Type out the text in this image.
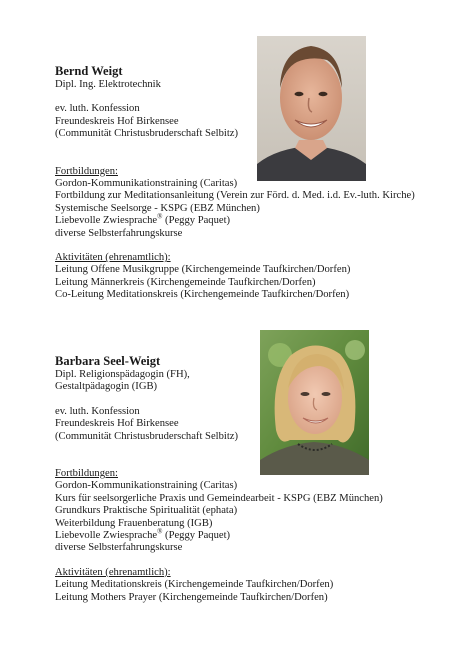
Bernd Weigt
Dipl. Ing. Elektrotechnik
ev. luth. Konfession
Freundeskreis Hof Birkensee
(Communität Christusbruderschaft Selbitz)
Fortbildungen:
Gordon-Kommunikationstraining (Caritas)
Fortbildung zur Meditationsanleitung (Verein zur Förd. d. Med. i.d. Ev.-luth. Kirche)
Systemische Seelsorge - KSPG (EBZ München)
Liebevolle Zwiesprache® (Peggy Paquet)
diverse Selbsterfahrungskurse
Aktivitäten (ehrenamtlich):
Leitung Offene Musikgruppe (Kirchengemeinde Taufkirchen/Dorfen)
Leitung Männerkreis (Kirchengemeinde Taufkirchen/Dorfen)
Co-Leitung Meditationskreis (Kirchengemeinde Taufkirchen/Dorfen)
Barbara Seel-Weigt
Dipl. Religionspädagogin (FH),
Gestaltpädagogin (IGB)
ev. luth. Konfession
Freundeskreis Hof Birkensee
(Communität Christusbruderschaft Selbitz)
Fortbildungen:
Gordon-Kommunikationstraining (Caritas)
Kurs für seelsorgerliche Praxis und Gemeindearbeit - KSPG (EBZ München)
Grundkurs Praktische Spiritualität (ephata)
Weiterbildung Frauenberatung (IGB)
Liebevolle Zwiesprache® (Peggy Paquet)
diverse Selbsterfahrungskurse
Aktivitäten (ehrenamtlich):
Leitung Meditationskreis (Kirchengemeinde Taufkirchen/Dorfen)
Leitung Mothers Prayer (Kirchengemeinde Taufkirchen/Dorfen)
